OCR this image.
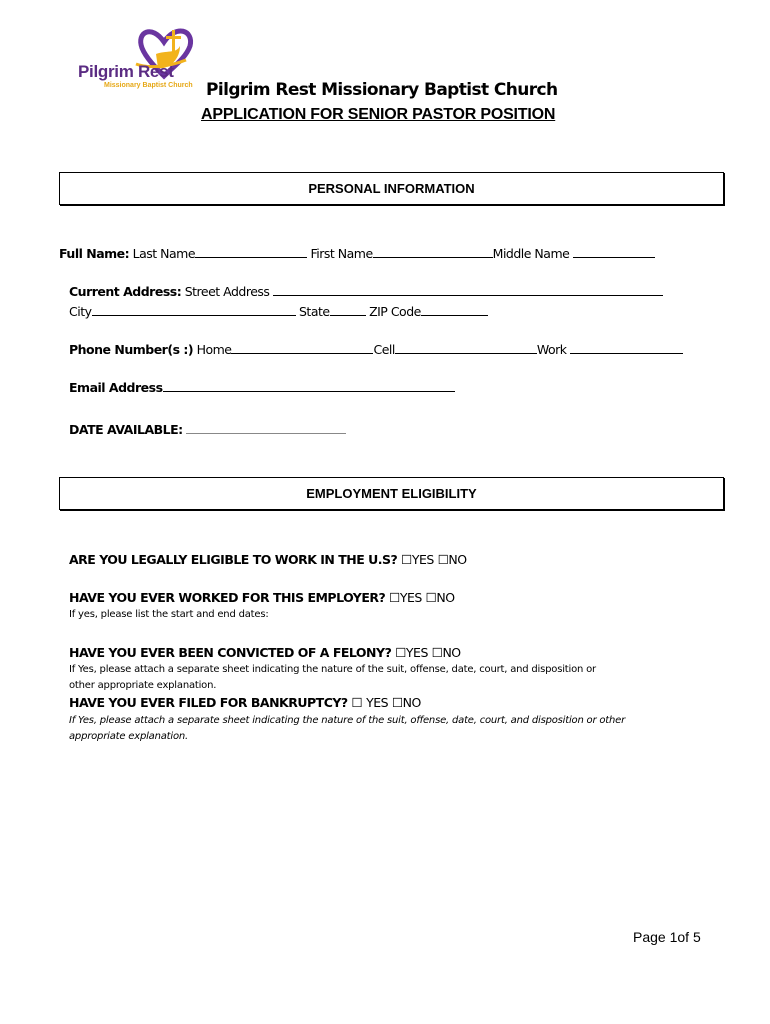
Pilgrim Rest
Missionary Baptist Church Pilgrim Rest Missionary Baptist Church
APPLICATION FOR SENIOR PASTOR POSITION
PERSONAL INFORMATION
Full Name: Last Name	First Name	Middle Name
Current Address: Street Address
City	State	ZIP Code
Phone Number(s :) Home	Cell	Work
Email Address
DATE AVAILABLE:
EMPLOYMENT ELIGIBILITY
ARE YOU LEGALLY ELIGIBLE TO WORK IN THE U.S? ☐YES ☐NO
HAVE YOU EVER WORKED FOR THIS EMPLOYER? ☐YES ☐NO
If yes, please list the start and end dates:
HAVE YOU EVER BEEN CONVICTED OF A FELONY? ☐YES ☐NO
If Yes, please attach a separate sheet indicating the nature of the suit, offense, date, court, and disposition or
other appropriate explanation.
HAVE YOU EVER FILED FOR BANKRUPTCY? ☐ YES ☐NO
If Yes, please attach a separate sheet indicating the nature of the suit, offense, date, court, and disposition or other
appropriate explanation.
Page 1of 5
